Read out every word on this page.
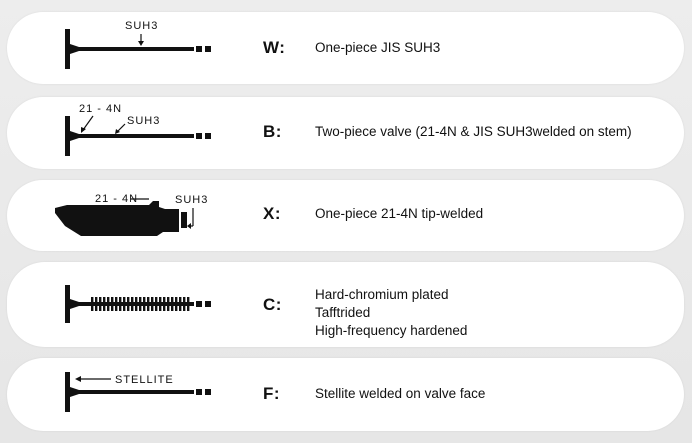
SUH3
W: One-piece JIS SUH3
21 - 4N
SUH3
B: Two-piece valve (21-4N & JIS SUH3welded on stem)
21 - 4N	SUH3
X:	One-piece 21-4N tip-welded
C:
Hard-chromium plated
Tafftrided
High-frequency hardened
STELLITE
F:	Stellite welded on valve face
